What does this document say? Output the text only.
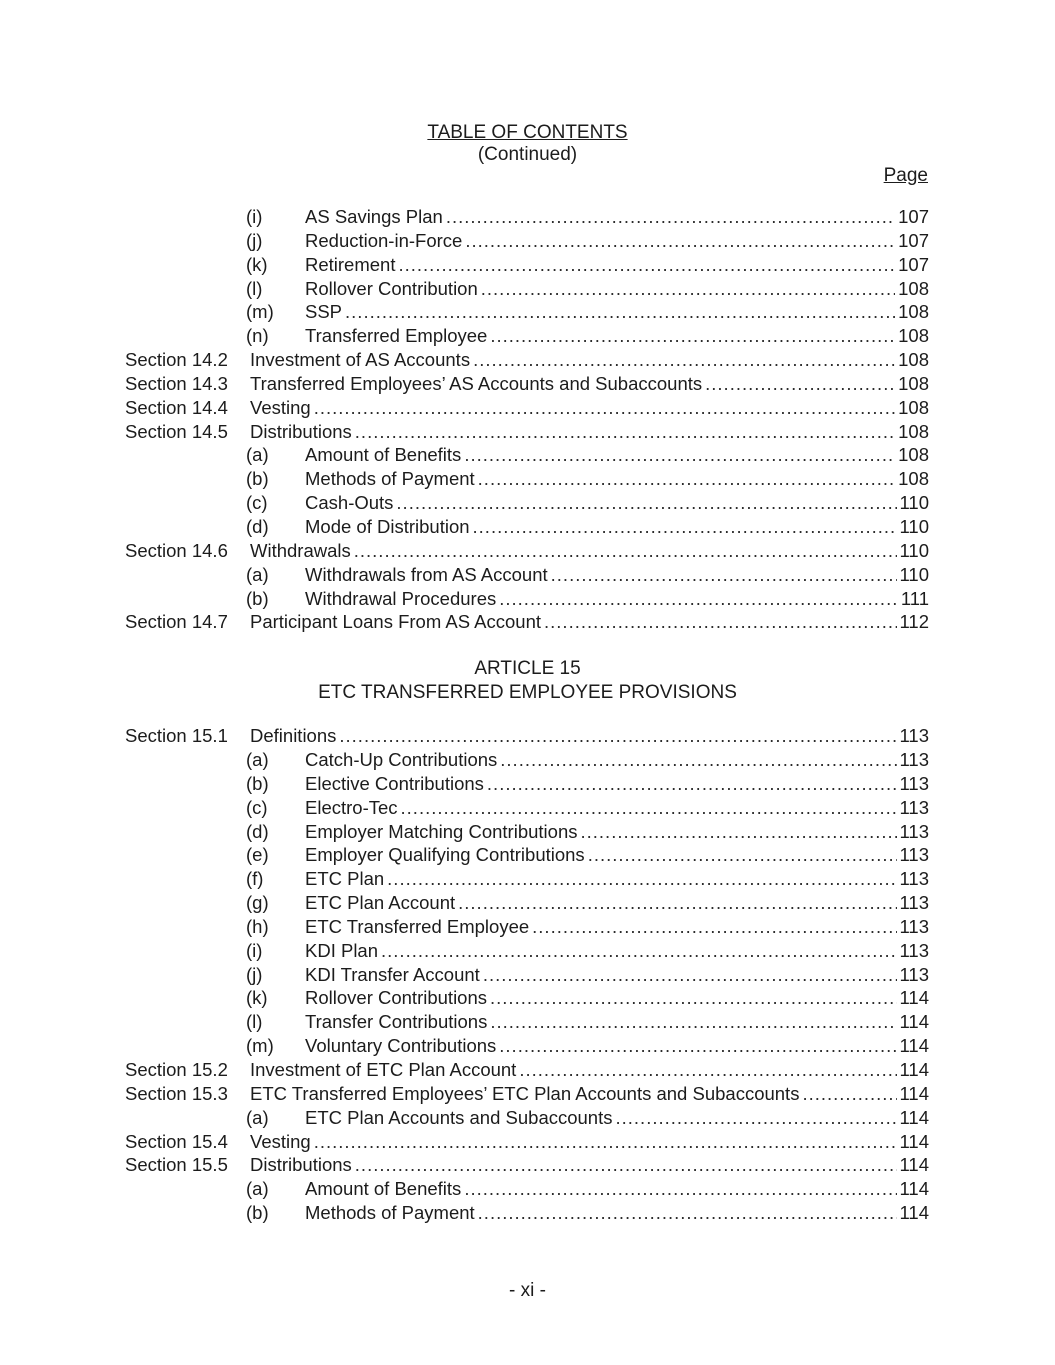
TABLE OF CONTENTS
(Continued)
Page
(i) AS Savings Plan .....	107
(j) Reduction-in-Force .....	107
(k) Retirement .....	107
(l) Rollover Contribution .....	108
(m) SSP .....	108
(n) Transferred Employee .....	108
Section 14.2 Investment of AS Accounts .....	108
Section 14.3 Transferred Employees’ AS Accounts and Subaccounts .....	108
Section 14.4 Vesting .....	108
Section 14.5 Distributions .....	108
(a) Amount of Benefits .....	108
(b) Methods of Payment .....	108
(c) Cash-Outs .....	110
(d) Mode of Distribution .....	110
Section 14.6 Withdrawals .....	110
(a) Withdrawals from AS Account .....	110
(b) Withdrawal Procedures .....	111
Section 14.7 Participant Loans From AS Account .....	112
ARTICLE 15
ETC TRANSFERRED EMPLOYEE PROVISIONS
Section 15.1 Definitions .....	113
(a) Catch-Up Contributions .....	113
(b) Elective Contributions .....	113
(c) Electro-Tec .....	113
(d) Employer Matching Contributions .....	113
(e) Employer Qualifying Contributions .....	113
(f) ETC Plan .....	113
(g) ETC Plan Account .....	113
(h) ETC Transferred Employee .....	113
(i) KDI Plan .....	113
(j) KDI Transfer Account .....	113
(k) Rollover Contributions .....	114
(l) Transfer Contributions .....	114
(m) Voluntary Contributions .....	114
Section 15.2 Investment of ETC Plan Account .....	114
Section 15.3 ETC Transferred Employees’ ETC Plan Accounts and Subaccounts .....	114
(a) ETC Plan Accounts and Subaccounts .....	114
Section 15.4 Vesting .....	114
Section 15.5 Distributions .....	114
(a) Amount of Benefits .....	114
(b) Methods of Payment .....	114
- xi -
